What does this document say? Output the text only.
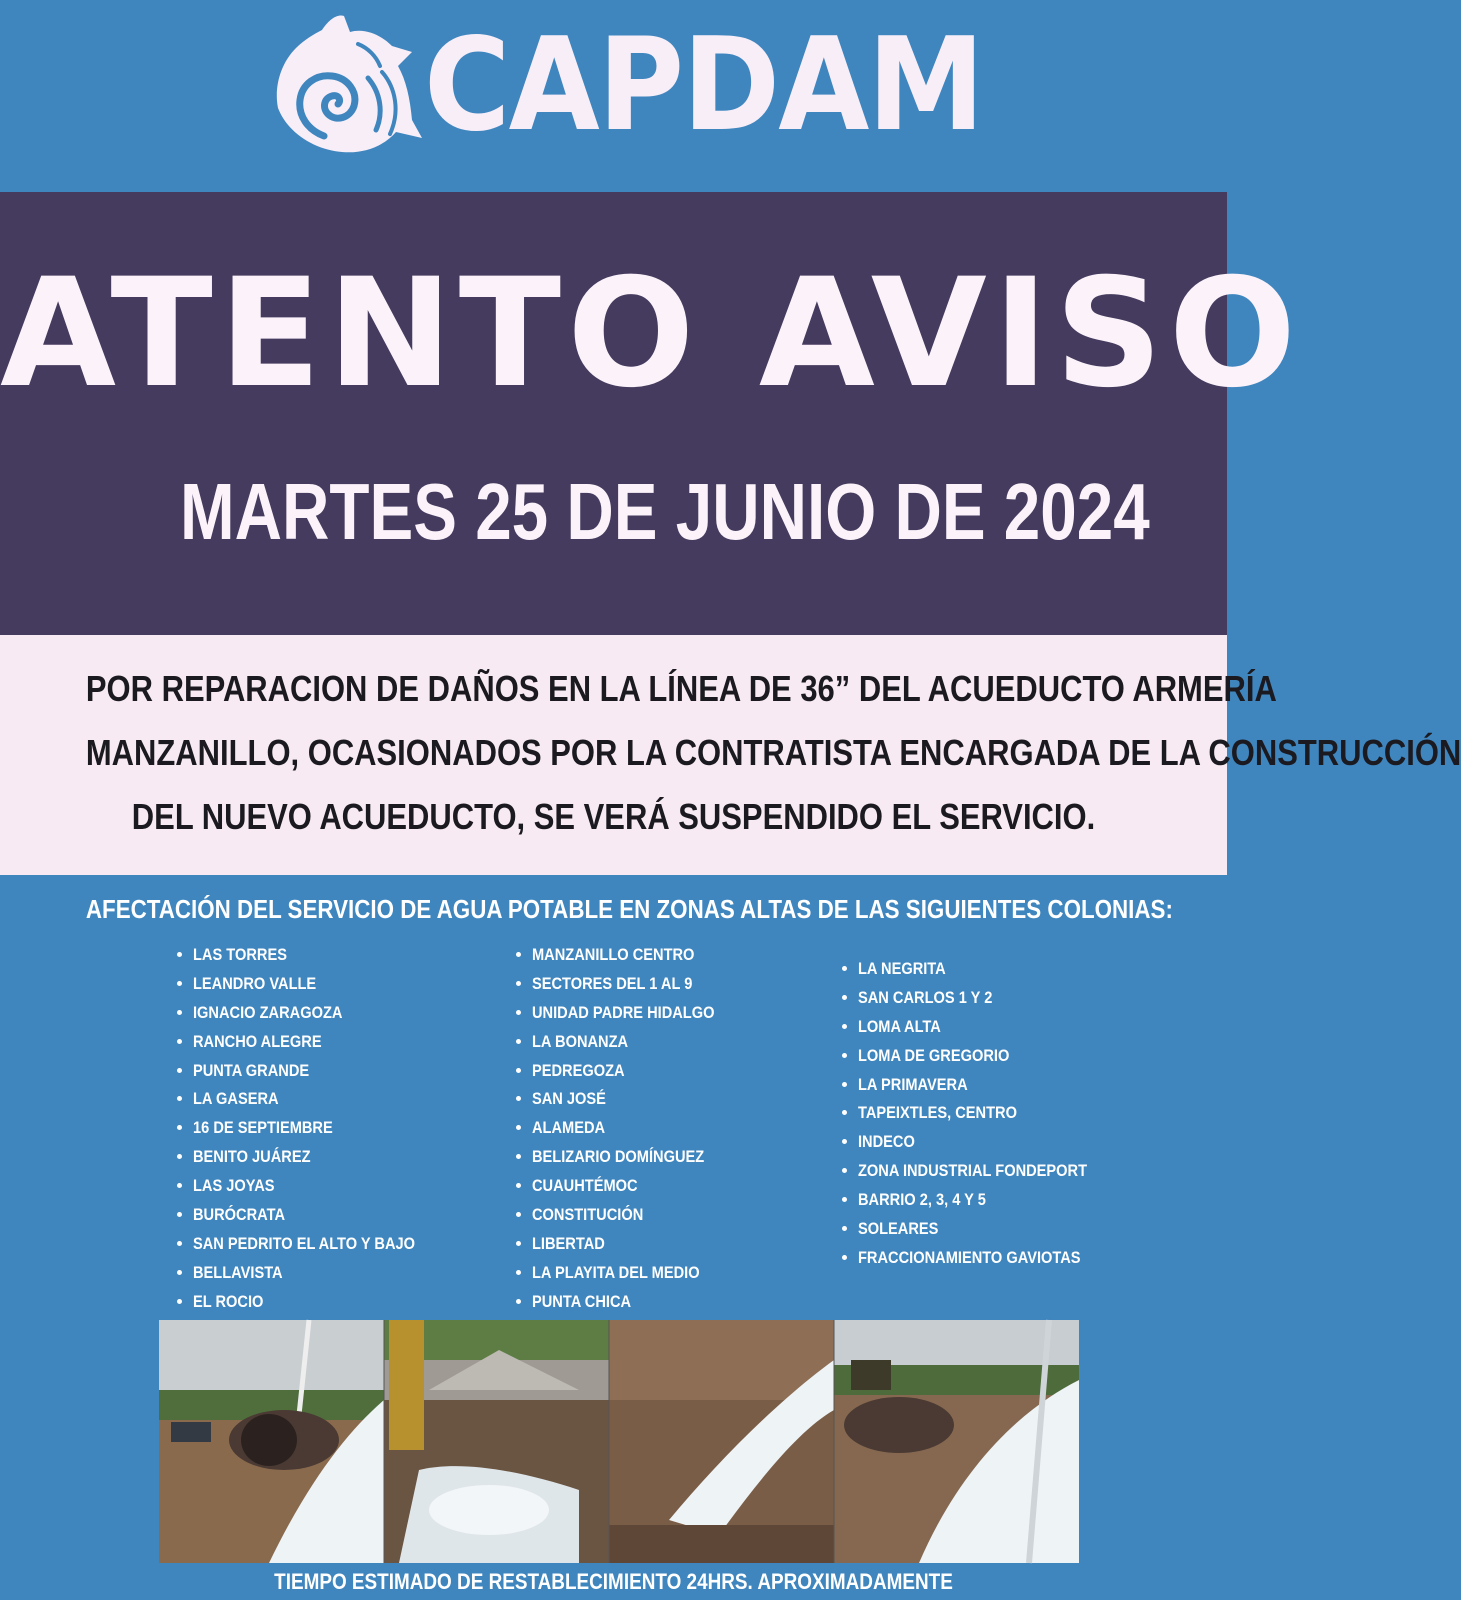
CAPDAM
ATENTO AVISO
MARTES 25 DE JUNIO DE 2024
POR REPARACION DE DAÑOS EN LA LÍNEA DE 36” DEL ACUEDUCTO ARMERÍA
MANZANILLO, OCASIONADOS POR LA CONTRATISTA ENCARGADA DE LA CONSTRUCCIÓN
DEL NUEVO ACUEDUCTO, SE VERÁ SUSPENDIDO EL SERVICIO.
AFECTACIÓN DEL SERVICIO DE AGUA POTABLE EN ZONAS ALTAS DE LAS SIGUIENTES COLONIAS:
LAS TORRES
LEANDRO VALLE
IGNACIO ZARAGOZA
RANCHO ALEGRE
PUNTA GRANDE
LA GASERA
16 DE SEPTIEMBRE
BENITO JUÁREZ
LAS JOYAS
BURÓCRATA
SAN PEDRITO EL ALTO Y BAJO
BELLAVISTA
EL ROCIO
MANZANILLO CENTRO
SECTORES DEL 1 AL 9
UNIDAD PADRE HIDALGO
LA BONANZA
PEDREGOZA
SAN JOSÉ
ALAMEDA
BELIZARIO DOMÍNGUEZ
CUAUHTÉMOC
CONSTITUCIÓN
LIBERTAD
LA PLAYITA DEL MEDIO
PUNTA CHICA
LA NEGRITA
SAN CARLOS 1 Y 2
LOMA ALTA
LOMA DE GREGORIO
LA PRIMAVERA
TAPEIXTLES, CENTRO
INDECO
ZONA INDUSTRIAL FONDEPORT
BARRIO 2, 3, 4 Y 5
SOLEARES
FRACCIONAMIENTO GAVIOTAS
TIEMPO ESTIMADO DE RESTABLECIMIENTO 24HRS. APROXIMADAMENTE
